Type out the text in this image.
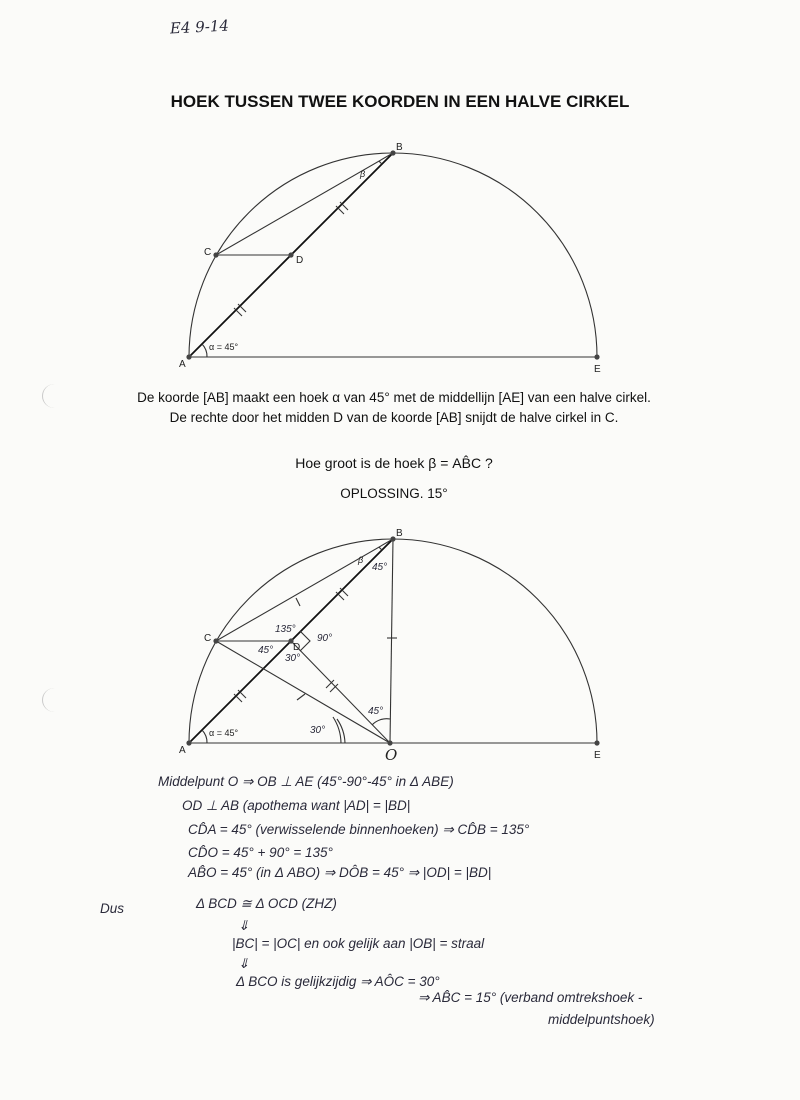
E4 9-14
HOEK TUSSEN TWEE KOORDEN IN EEN HALVE CIRKEL
A
B
C
D
E
α = 45°
β
De koorde [AB] maakt een hoek α van 45° met de middellijn [AE] van een halve cirkel.
De rechte door het midden D van de koorde [AB] snijdt de halve cirkel in C.
Hoe groot is de hoek β = AB̂C ?
OPLOSSING. 15°
A
B
C
D
E
O
α = 45°
β
45°
135°
45°
30°
90°
45°
30°
Middelpunt O ⇒ OB ⊥ AE (45°-90°-45° in Δ ABE)
OD ⊥ AB (apothema want |AD| = |BD|
CD̂A = 45° (verwisselende binnenhoeken) ⇒ CD̂B = 135°
CD̂O = 45° + 90° = 135°
AB̂O = 45° (in Δ ABO) ⇒ DÔB = 45° ⇒ |OD| = |BD|
Dus	Δ BCD ≅ Δ OCD (ZHZ)
⇓
|BC| = |OC| en ook gelijk aan |OB| = straal
⇓
Δ BCO is gelijkzijdig ⇒ AÔC = 30°
⇒ AB̂C = 15° (verband omtrekshoek -
middelpuntshoek)
